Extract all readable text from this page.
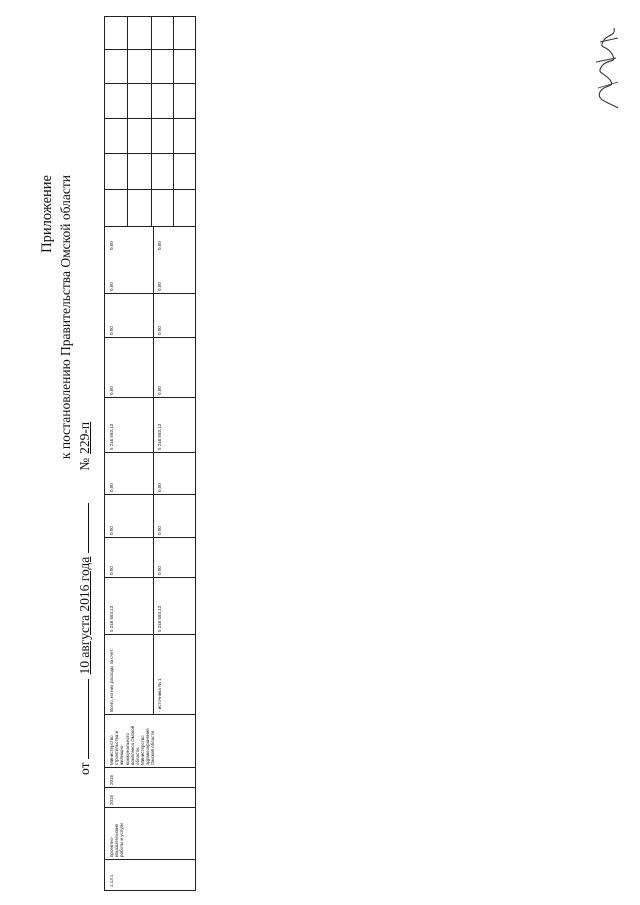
Приложение к постановлению Правительства Омской области
от10 августа 2016 года№229-п
1.13.1
проектно-изыскательские работы и услуги
2016
2016
Министерство строительства и жилищно-коммунального комплекса Омской области, Министерство здравоохранения Омской области
Всего, из них расходы за счет:	- источника № 1
5 246 583,13
0,00
0,00
0,00
5 246 583,13
0,00
0,00
0,00
0,00
5 246 583,13
0,00
0,00
0,00
5 246 583,13
0,00
0,00
0,00
0,00
